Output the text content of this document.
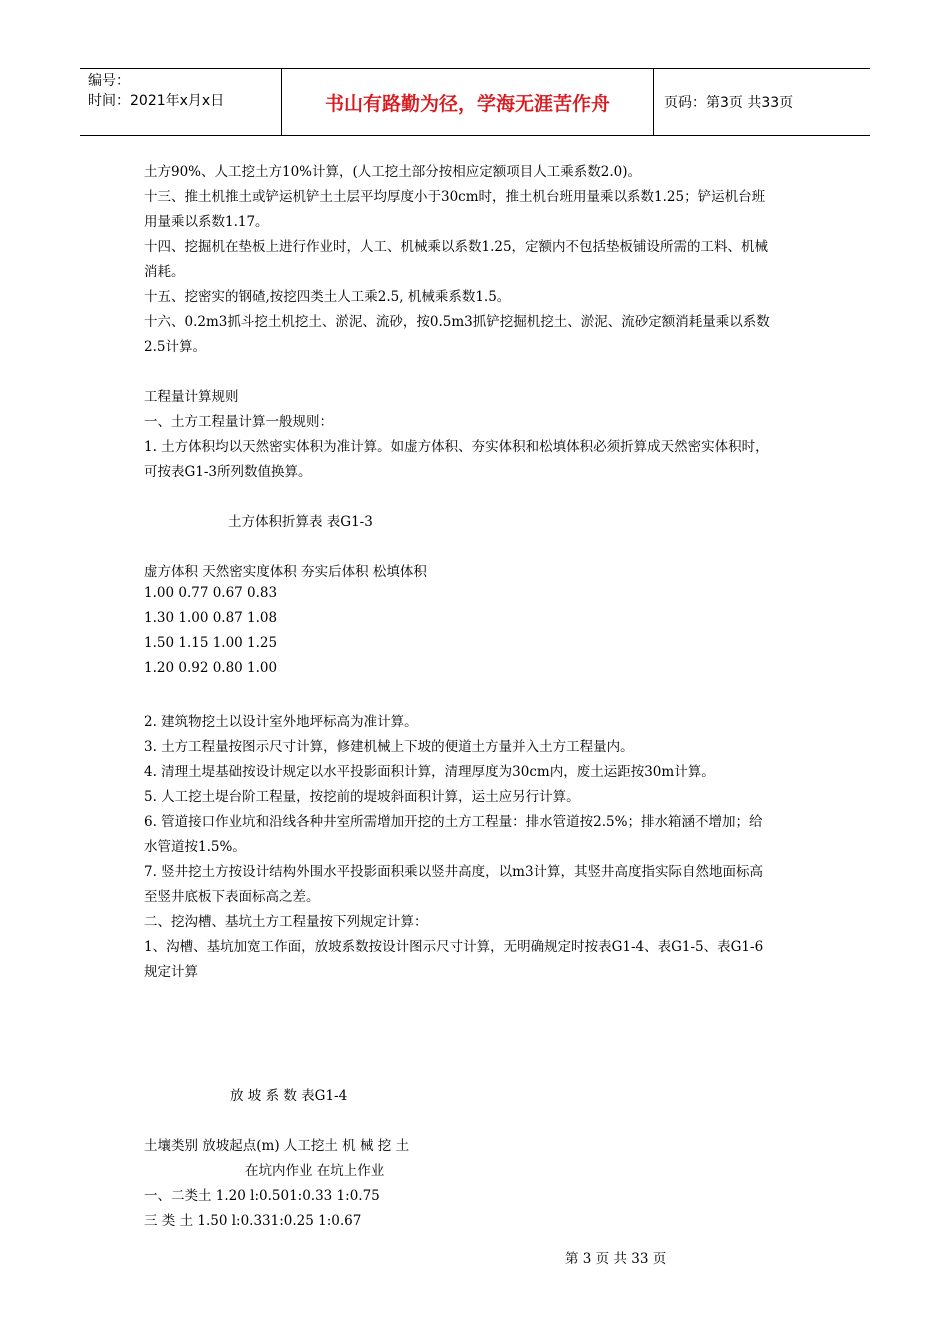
编号：
时间：2021年x月x日	书山有路勤为径，学海无涯苦作舟	页码：第3页 共33页
土方90%、人工挖土方10%计算，(人工挖土部分按相应定额项目人工乘系数2.0)。
十三、推土机推土或铲运机铲土土层平均厚度小于30cm时，推土机台班用量乘以系数1.25；铲运机台班
用量乘以系数1.17。
十四、挖掘机在垫板上进行作业时，人工、机械乘以系数1.25，定额内不包括垫板铺设所需的工料、机械
消耗。
十五、挖密实的钢碴,按挖四类土人工乘2.5, 机械乘系数1.5。
十六、0.2m3抓斗挖土机挖土、淤泥、流砂，按0.5m3抓铲挖掘机挖土、淤泥、流砂定额消耗量乘以系数
2.5计算。
工程量计算规则
一、土方工程量计算一般规则：
1. 土方体积均以天然密实体积为准计算。如虚方体积、夯实体积和松填体积必须折算成天然密实体积时，
可按表G1-3所列数值换算。
土方体积折算表 表G1-3
虚方体积 天然密实度体积 夯实后体积 松填体积
1.00 0.77 0.67 0.83
1.30 1.00 0.87 1.08
1.50 1.15 1.00 1.25
1.20 0.92 0.80 1.00
2. 建筑物挖土以设计室外地坪标高为准计算。
3. 土方工程量按图示尺寸计算，修建机械上下坡的便道土方量并入土方工程量内。
4. 清理土堤基础按设计规定以水平投影面积计算，清理厚度为30cm内，废土运距按30m计算。
5. 人工挖土堤台阶工程量，按挖前的堤坡斜面积计算，运土应另行计算。
6. 管道接口作业坑和沿线各种井室所需增加开挖的土方工程量：排水管道按2.5%；排水箱涵不增加；给
水管道按1.5%。
7. 竖井挖土方按设计结构外围水平投影面积乘以竖井高度，以m3计算，其竖井高度指实际自然地面标高
至竖井底板下表面标高之差。
二、挖沟槽、基坑土方工程量按下列规定计算：
1、沟槽、基坑加宽工作面，放坡系数按设计图示尺寸计算，无明确规定时按表G1-4、表G1-5、表G1-6
规定计算
放 坡 系 数 表G1-4
土壤类别 放坡起点(m) 人工挖土 机 械 挖 土
在坑内作业 在坑上作业
一、二类土 1.20 l:0.501:0.33 1:0.75
三 类 土 1.50 l:0.331:0.25 1:0.67
第 3 页 共 33 页
